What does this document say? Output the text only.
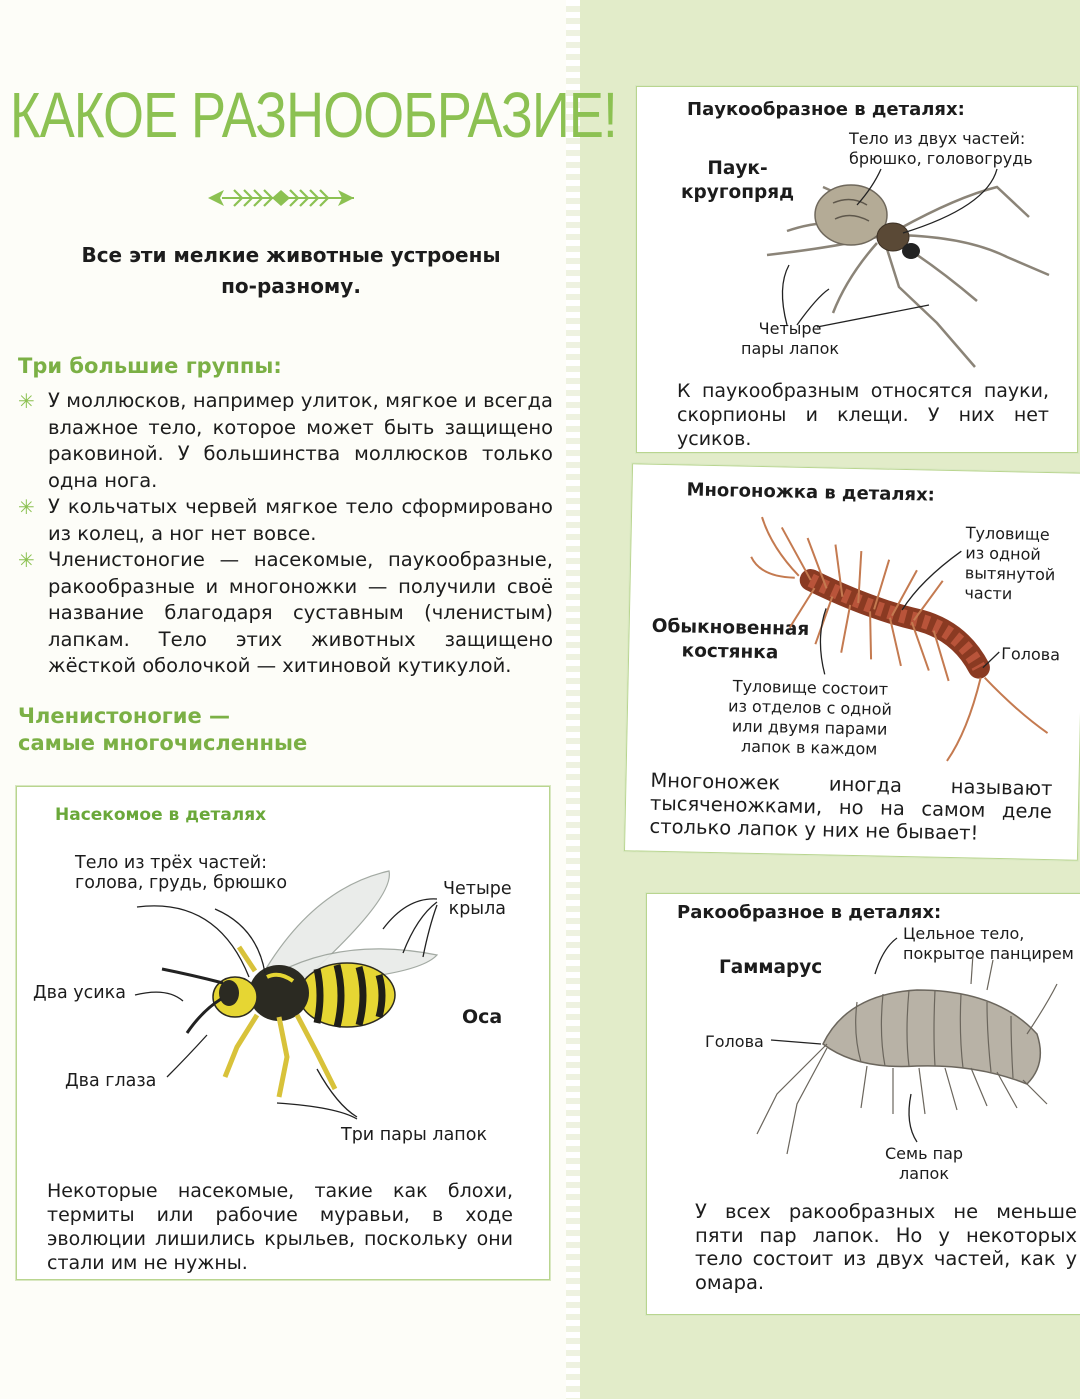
КАКОЕ РАЗНООБРАЗИЕ!
Все эти мелкие животные устроены
по-разному.
Три большие группы:
✳ У моллюсков, например улиток, мягкое и всегда влажное тело, которое может быть защищено раковиной. У большинства моллюсков только одна нога.
✳ У кольчатых червей мягкое тело сформировано из колец, а ног нет вовсе.
✳ Членистоногие — насекомые, паукообразные, ракообразные и многоножки — получили своё название благодаря суставным (членистым) лапкам. Тело этих животных защищено жёсткой оболочкой — хитиновой кутикулой.
Членистоногие —
самые многочисленные
Насекомое в деталях
Тело из трёх частей:
голова, грудь, брюшко	Четыре
крыла
Два усика
Два глаза
Три пары лапок
Оса
Некоторые насекомые, такие как блохи, термиты или рабочие муравьи, в ходе эволюции лишились крыльев, поскольку они стали им не нужны.
Паукообразное в деталях:
Тело из двух частей:
брюшко, головогрудь
Паук-
кругопряд
Четыре
пары лапок
К паукообразным относятся пауки, скорпионы и клещи. У них нет усиков.
Многоножка в деталях:
Туловище
из одной
вытянутой
части
Обыкновенная
костянка	Голова
Туловище состоит
из отделов с одной
или двумя парами
лапок в каждом
Многоножек иногда называют тысяченожками, но на самом деле столько лапок у них не бывает!
Ракообразное в деталях:
Цельное тело,
покрытое панцирем
Гаммарус
Голова
Семь пар
лапок
У всех ракообразных не меньше пяти пар лапок. Но у некоторых тело состоит из двух частей, как у омара.
